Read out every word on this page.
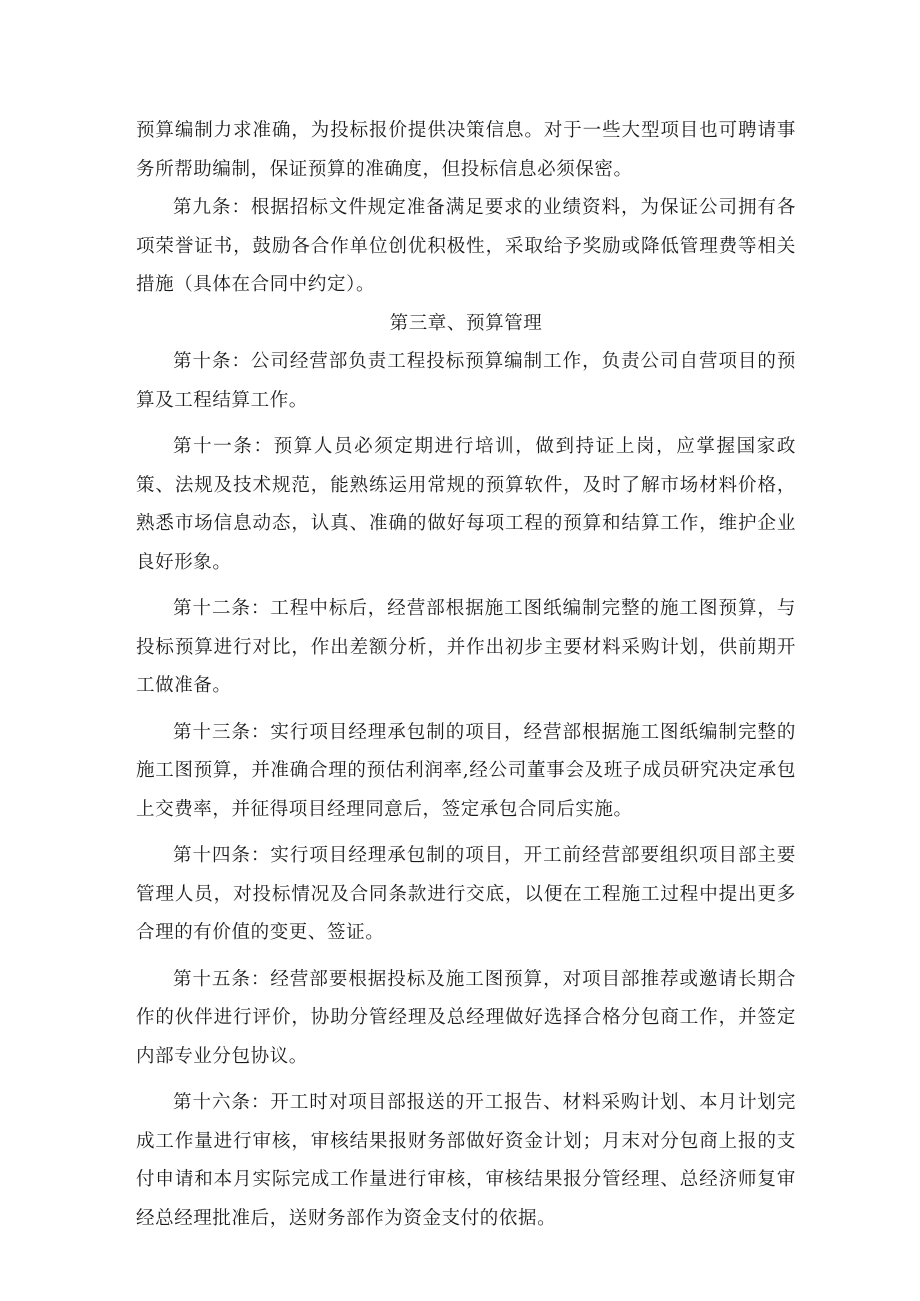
预算编制力求准确，为投标报价提供决策信息。对于一些大型项目也可聘请事务所帮助编制，保证预算的准确度，但投标信息必须保密。

第九条：根据招标文件规定准备满足要求的业绩资料，为保证公司拥有各项荣誉证书，鼓励各合作单位创优积极性，采取给予奖励或降低管理费等相关措施（具体在合同中约定）。

第三章、预算管理

第十条：公司经营部负责工程投标预算编制工作，负责公司自营项目的预算及工程结算工作。

第十一条：预算人员必须定期进行培训，做到持证上岗，应掌握国家政策、法规及技术规范，能熟练运用常规的预算软件，及时了解市场材料价格，熟悉市场信息动态，认真、准确的做好每项工程的预算和结算工作，维护企业良好形象。

第十二条：工程中标后，经营部根据施工图纸编制完整的施工图预算，与投标预算进行对比，作出差额分析，并作出初步主要材料采购计划，供前期开工做准备。

第十三条：实行项目经理承包制的项目，经营部根据施工图纸编制完整的施工图预算，并准确合理的预估利润率,经公司董事会及班子成员研究决定承包上交费率，并征得项目经理同意后，签定承包合同后实施。

第十四条：实行项目经理承包制的项目，开工前经营部要组织项目部主要管理人员，对投标情况及合同条款进行交底，以便在工程施工过程中提出更多合理的有价值的变更、签证。

第十五条：经营部要根据投标及施工图预算，对项目部推荐或邀请长期合作的伙伴进行评价，协助分管经理及总经理做好选择合格分包商工作，并签定内部专业分包协议。

第十六条：开工时对项目部报送的开工报告、材料采购计划、本月计划完成工作量进行审核，审核结果报财务部做好资金计划；月末对分包商上报的支付申请和本月实际完成工作量进行审核，审核结果报分管经理、总经济师复审经总经理批准后，送财务部作为资金支付的依据。
